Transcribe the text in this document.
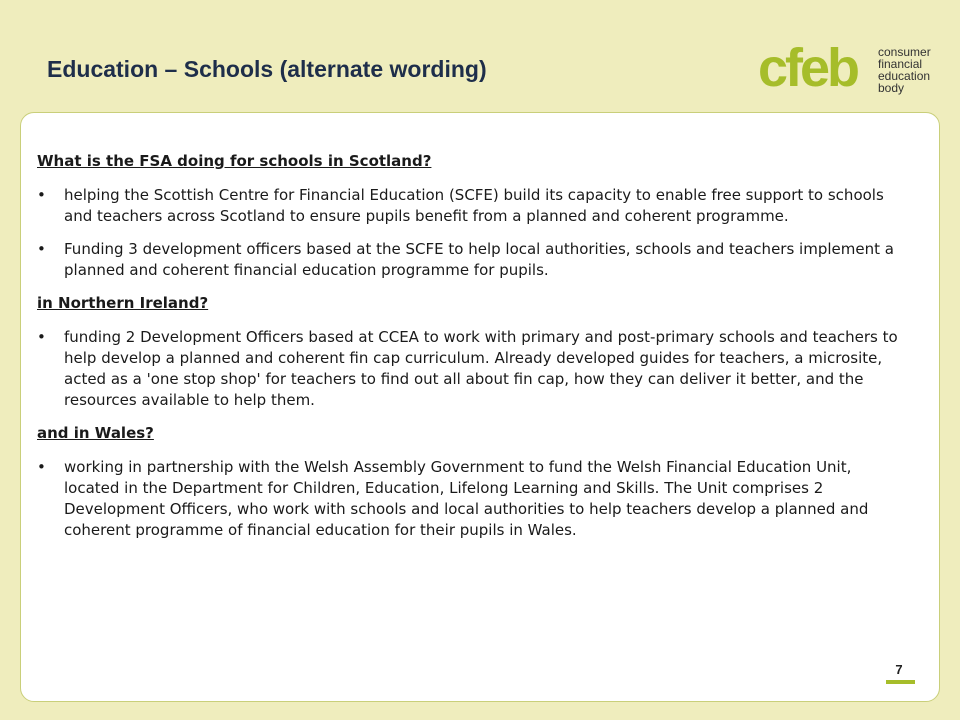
Education – Schools (alternate wording)	cfeb consumer
financial
education
body
What is the FSA doing for schools in Scotland?
• helping the Scottish Centre for Financial Education (SCFE) build its capacity to enable free support to schools and teachers across Scotland to ensure pupils benefit from a planned and coherent programme.
• Funding 3 development officers based at the SCFE to help local authorities, schools and teachers implement a planned and coherent financial education programme for pupils.
in Northern Ireland?
• funding 2 Development Officers based at CCEA to work with primary and post-primary schools and teachers to help develop a planned and coherent fin cap curriculum. Already developed guides for teachers, a microsite, acted as a 'one stop shop' for teachers to find out all about fin cap, how they can deliver it better, and the resources available to help them.
and in Wales?
• working in partnership with the Welsh Assembly Government to fund the Welsh Financial Education Unit, located in the Department for Children, Education, Lifelong Learning and Skills. The Unit comprises 2 Development Officers, who work with schools and local authorities to help teachers develop a planned and coherent programme of financial education for their pupils in Wales.
7
